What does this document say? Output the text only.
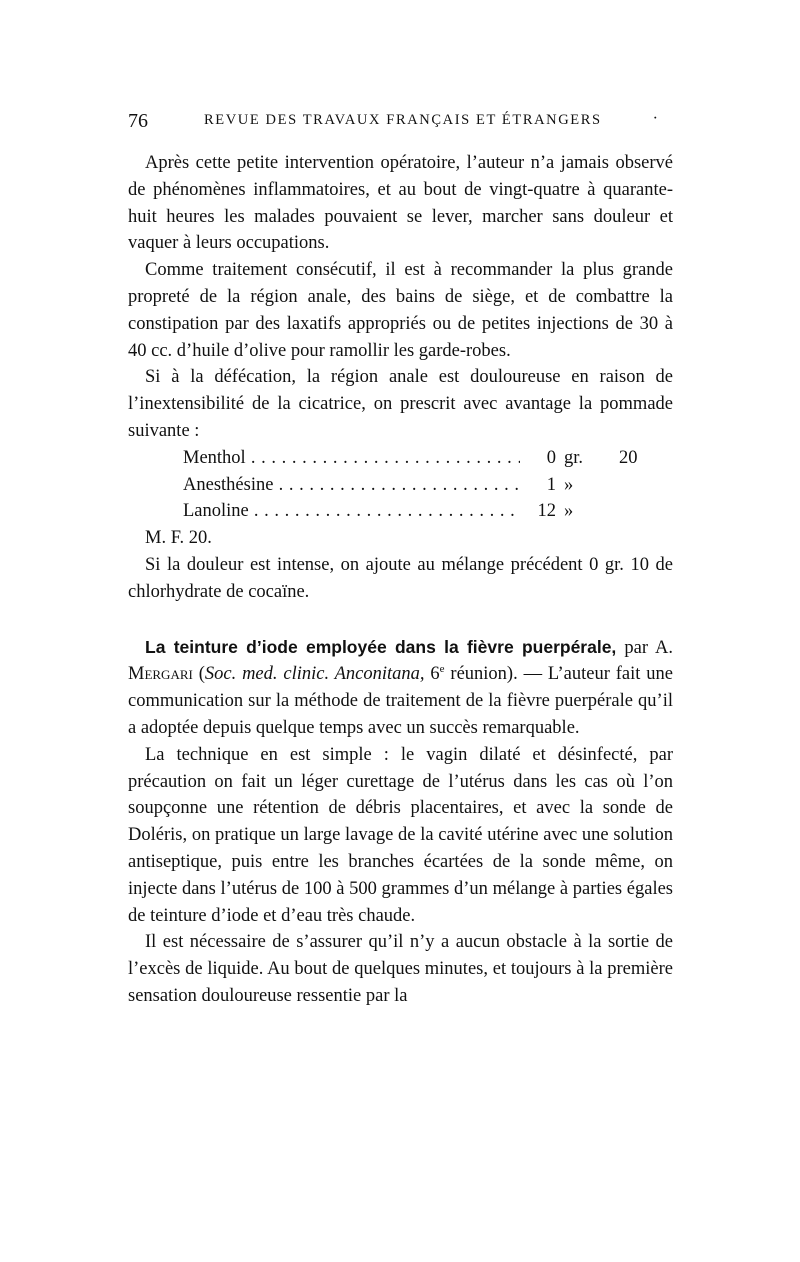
76	REVUE DES TRAVAUX FRANÇAIS ET ÉTRANGERS	·

Après cette petite intervention opératoire, l’auteur n’a jamais observé de phénomènes inflammatoires, et au bout de vingt-quatre à quarante-huit heures les malades pouvaient se lever, marcher sans douleur et vaquer à leurs occupations.

Comme traitement consécutif, il est à recommander la plus grande propreté de la région anale, des bains de siège, et de combattre la constipation par des laxatifs appropriés ou de petites injections de 30 à 40 cc. d’huile d’olive pour ramollir les garde-robes.

Si à la défécation, la région anale est douloureuse en raison de l’inextensibilité de la cicatrice, on prescrit avec avantage la pommade suivante :

Menthol . . .	0 gr.	20
Anesthésine . . .	1 »
Lanoline . . .	12 »

M. F. 20.

Si la douleur est intense, on ajoute au mélange précédent 0 gr. 10 de chlorhydrate de cocaïne.

La teinture d’iode employée dans la fièvre puerpérale, par A. Mergari (Soc. med. clinic. Anconitana, 6e réunion). — L’auteur fait une communication sur la méthode de traitement de la fièvre puerpérale qu’il a adoptée depuis quelque temps avec un succès remarquable.

La technique en est simple : le vagin dilaté et désinfecté, par précaution on fait un léger curettage de l’utérus dans les cas où l’on soupçonne une rétention de débris placentaires, et avec la sonde de Doléris, on pratique un large lavage de la cavité utérine avec une solution antiseptique, puis entre les branches écartées de la sonde même, on injecte dans l’utérus de 100 à 500 grammes d’un mélange à parties égales de teinture d’iode et d’eau très chaude.

Il est nécessaire de s’assurer qu’il n’y a aucun obstacle à la sortie de l’excès de liquide. Au bout de quelques minutes, et toujours à la première sensation douloureuse ressentie par la
